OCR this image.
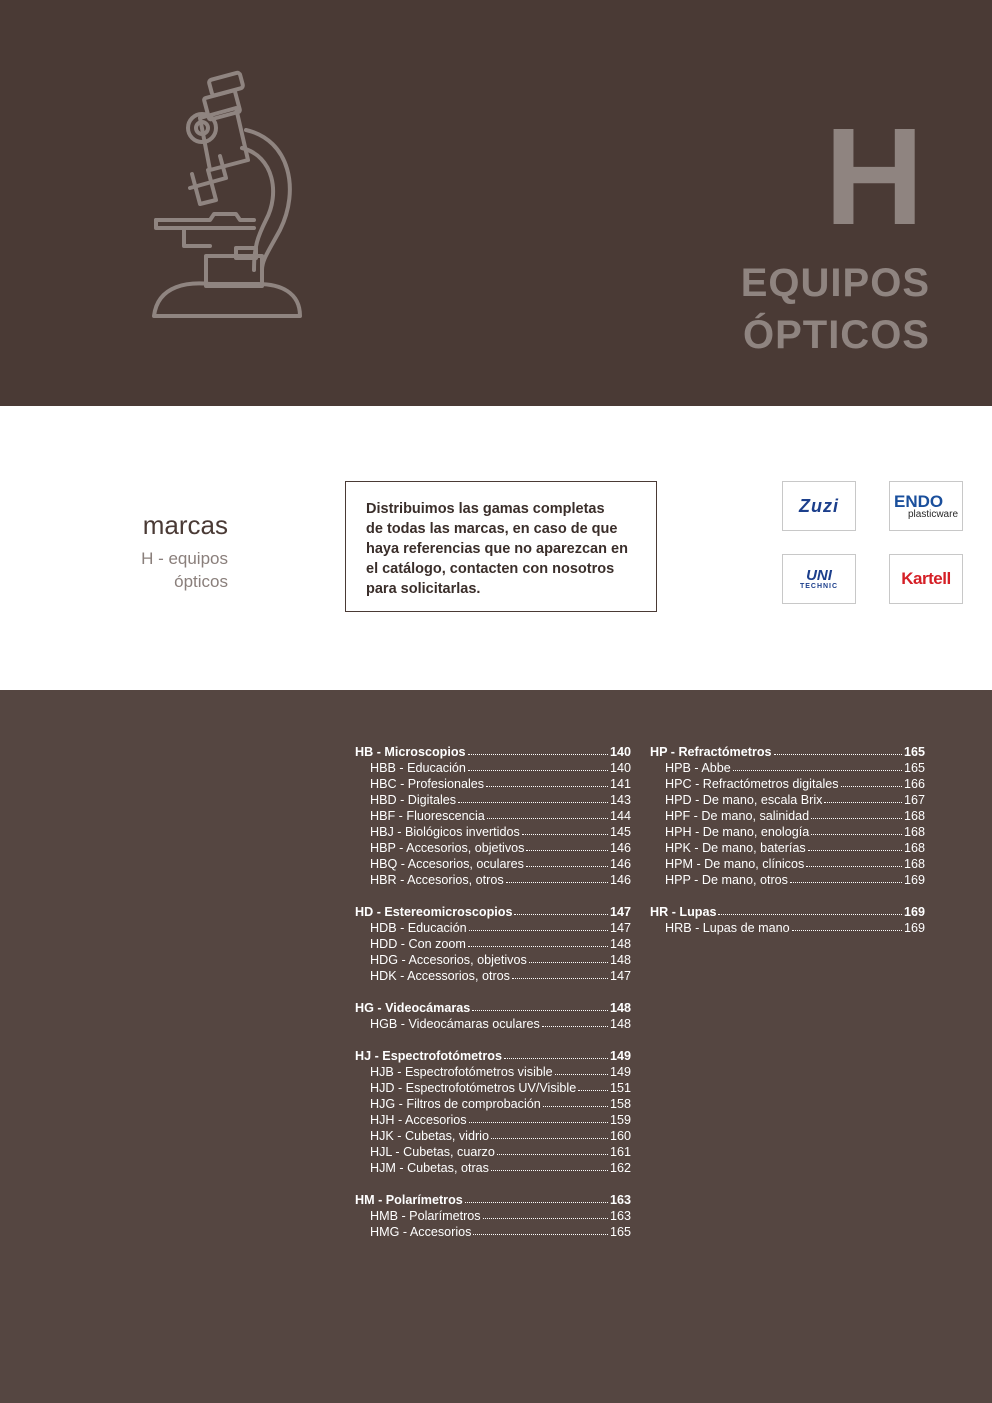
H
EQUIPOS
ÓPTICOS
marcas
H - equipos
ópticos
Distribuimos las gamas completas
de todas las marcas, en caso de que
haya referencias que no aparezcan en
el catálogo, contacten con nosotros
para solicitarlas.
Zuzi	ENDO
plasticware
UNI
TECHNIC	Kartell
HB - Microscopios	140
HBB - Educación	140
HBC - Profesionales	141
HBD - Digitales	143
HBF - Fluorescencia	144
HBJ - Biológicos invertidos	145
HBP - Accesorios, objetivos	146
HBQ - Accesorios, oculares	146
HBR - Accesorios, otros	146
HD - Estereomicroscopios	147
HDB - Educación	147
HDD - Con zoom	148
HDG - Accesorios, objetivos	148
HDK - Accessorios, otros	147
HG - Videocámaras	148
HGB - Videocámaras oculares	148
HJ - Espectrofotómetros	149
HJB - Espectrofotómetros visible	149
HJD - Espectrofotómetros UV/Visible	151
HJG - Filtros de comprobación	158
HJH - Accesorios	159
HJK - Cubetas, vidrio	160
HJL - Cubetas, cuarzo	161
HJM - Cubetas, otras	162
HM - Polarímetros	163
HMB - Polarímetros	163
HMG - Accesorios	165
HP - Refractómetros	165
HPB - Abbe	165
HPC - Refractómetros digitales	166
HPD - De mano, escala Brix	167
HPF - De mano, salinidad	168
HPH - De mano, enología	168
HPK - De mano, baterías	168
HPM - De mano, clínicos	168
HPP - De mano, otros	169
HR - Lupas	169
HRB - Lupas de mano	169
